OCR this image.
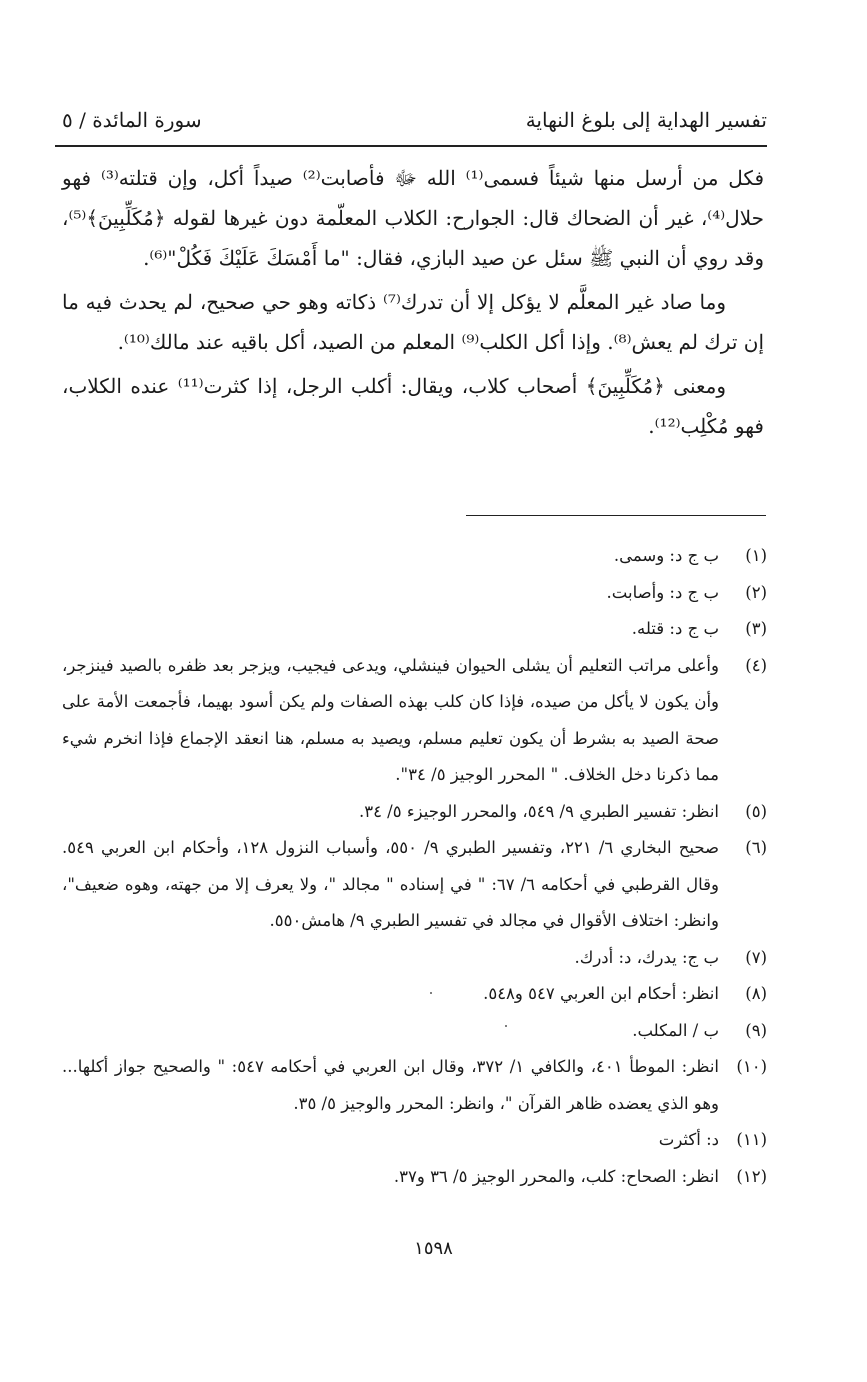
تفسير الهداية إلى بلوغ النهاية
سورة المائدة / ٥

فكل من أرسل منها شيئاً فسمى⁽¹⁾ الله ﷻ فأصابت⁽²⁾ صيداً أكل، وإن قتلته⁽³⁾ فهو حلال⁽⁴⁾، غير أن الضحاك قال: الجوارح: الكلاب المعلّمة دون غيرها لقوله ﴿مُكَلِّبِينَ﴾⁽⁵⁾، وقد روي أن النبي ﷺ سئل عن صيد البازي، فقال: "ما أَمْسَكَ عَلَيْكَ فَكُلْ"⁽⁶⁾.

وما صاد غير المعلَّم لا يؤكل إلا أن تدرك⁽⁷⁾ ذكاته وهو حي صحيح، لم يحدث فيه ما إن ترك لم يعش⁽⁸⁾. وإذا أكل الكلب⁽⁹⁾ المعلم من الصيد، أكل باقيه عند مالك⁽¹⁰⁾.

ومعنى ﴿مُكَلِّبِينَ﴾ أصحاب كلاب، ويقال: أكلب الرجل، إذا كثرت⁽¹¹⁾ عنده الكلاب، فهو مُكْلِب⁽¹²⁾.

(١)
ب ج د: وسمى.
(٢)
ب ج د: وأصابت.
(٣)
ب ج د: قتله.
(٤)
وأعلى مراتب التعليم أن يشلى الحيوان فينشلي، ويدعى فيجيب، ويزجر بعد ظفره بالصيد فينزجر، وأن يكون لا يأكل من صيده، فإذا كان كلب بهذه الصفات ولم يكن أسود بهيما، فأجمعت الأمة على صحة الصيد به بشرط أن يكون تعليم مسلم، ويصيد به مسلم، هنا انعقد الإجماع فإذا انخرم شيء مما ذكرنا دخل الخلاف. " المحرر الوجيز ٥/ ٣٤".
(٥)
انظر: تفسير الطبري ٩/ ٥٤٩، والمحرر الوجيزء ٥/ ٣٤.
(٦)
صحيح البخاري ٦/ ٢٢١، وتفسير الطبري ٩/ ٥٥٠، وأسباب النزول ١٢٨، وأحكام ابن العربي ٥٤٩. وقال القرطبي في أحكامه ٦/ ٦٧: " في إسناده " مجالد "، ولا يعرف إلا من جهته، وهوه ضعيف"، وانظر: اختلاف الأقوال في مجالد في تفسير الطبري ٩/ هامش٥٥٠.
(٧)
ب ج: يدرك، د: أدرك.
(٨)
انظر: أحكام ابن العربي ٥٤٧ و٥٤٨.
(٩)
ب / المكلب.
(١٠)
انظر: الموطأ ٤٠١، والكافي ١/ ٣٧٢، وقال ابن العربي في أحكامه ٥٤٧: " والصحيح جواز أكلها... وهو الذي يعضده ظاهر القرآن "، وانظر: المحرر والوجيز ٥/ ٣٥.
(١١)
د: أكثرت
(١٢)
انظر: الصحاح: كلب، والمحرر الوجيز ٥/ ٣٦ و٣٧.
١٥٩٨
